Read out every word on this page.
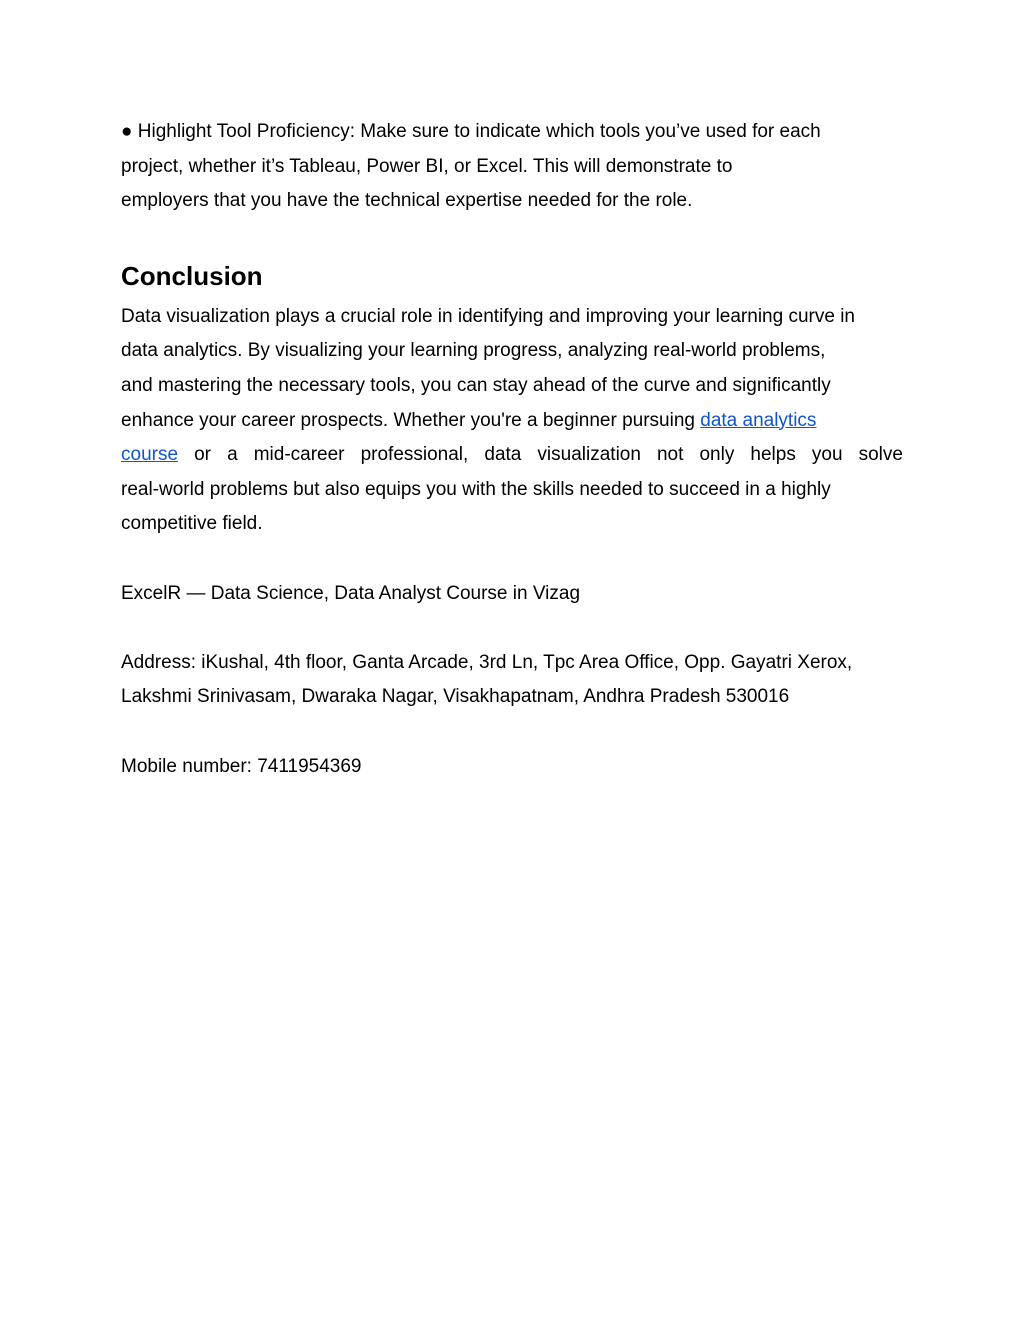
● Highlight Tool Proficiency: Make sure to indicate which tools you’ve used for each
project, whether it’s Tableau, Power BI, or Excel. This will demonstrate to
employers that you have the technical expertise needed for the role.
Conclusion
Data visualization plays a crucial role in identifying and improving your learning curve in
data analytics. By visualizing your learning progress, analyzing real-world problems,
and mastering the necessary tools, you can stay ahead of the curve and significantly
enhance your career prospects. Whether you're a beginner pursuing data analytics
course or a mid-career professional, data visualization not only helps you solve
real-world problems but also equips you with the skills needed to succeed in a highly
competitive field.
ExcelR — Data Science, Data Analyst Course in Vizag
Address: iKushal, 4th floor, Ganta Arcade, 3rd Ln, Tpc Area Office, Opp. Gayatri Xerox,
Lakshmi Srinivasam, Dwaraka Nagar, Visakhapatnam, Andhra Pradesh 530016
Mobile number: 7411954369
